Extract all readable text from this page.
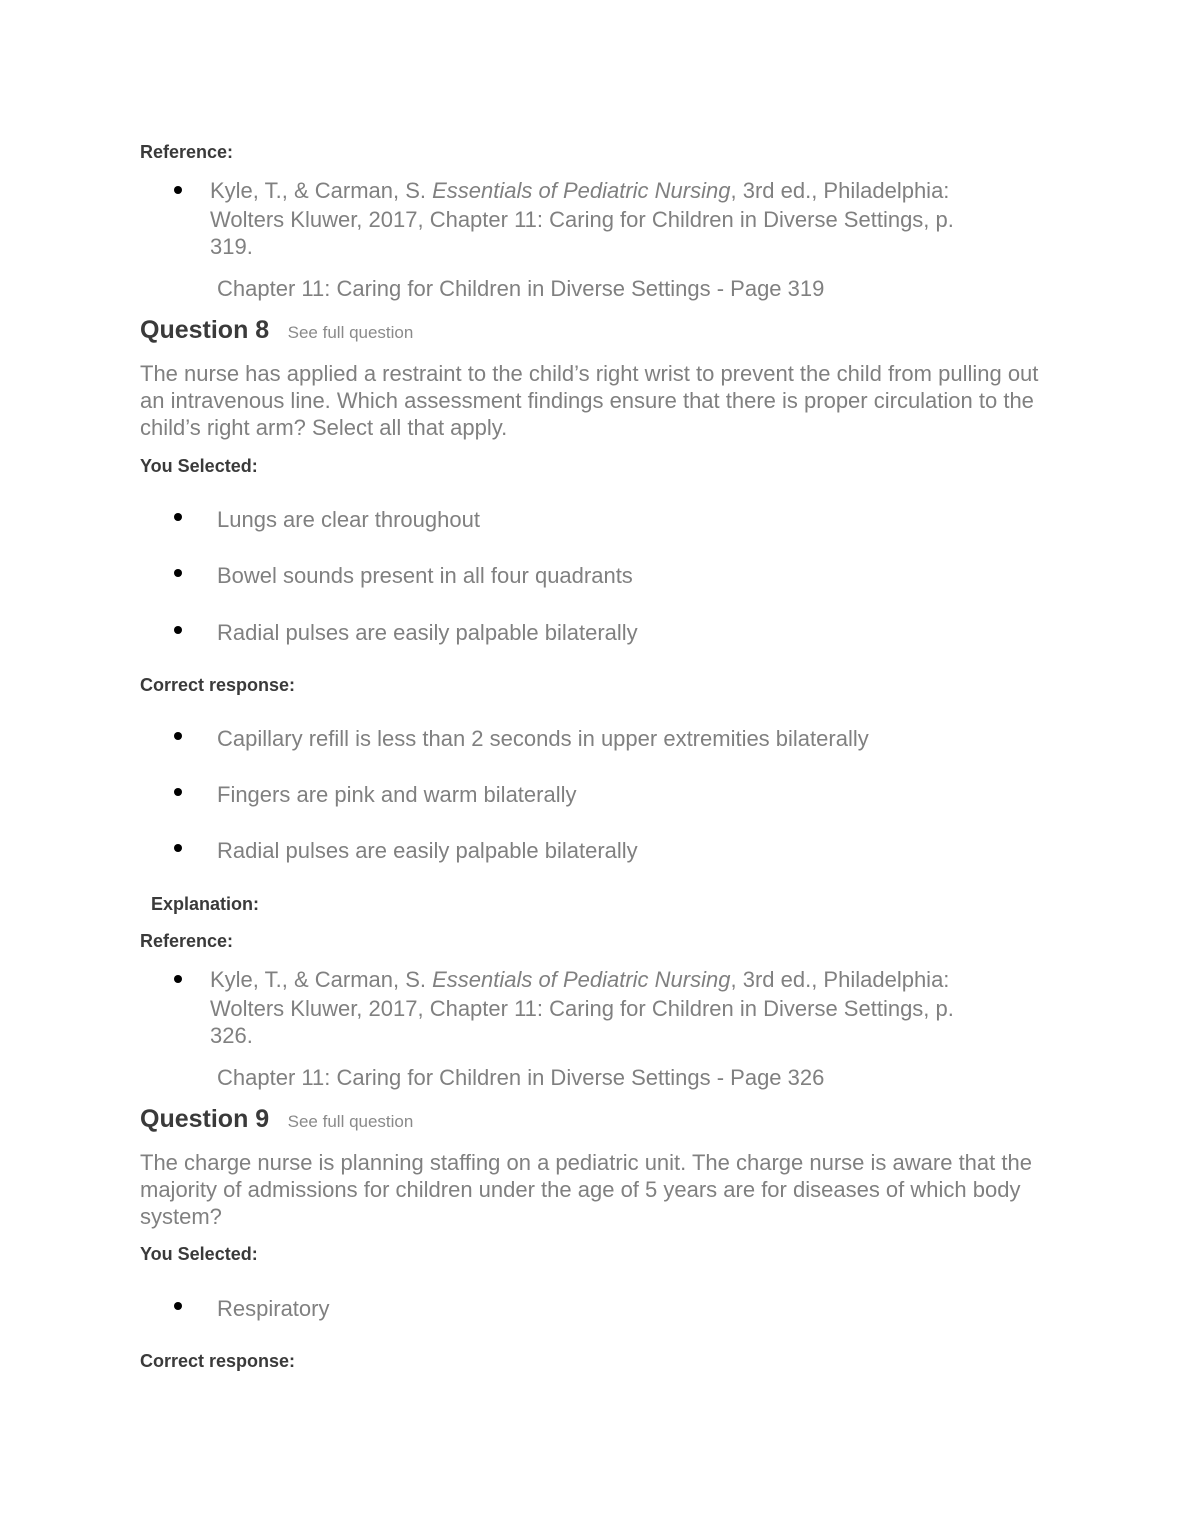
Reference:
Kyle, T., & Carman, S. Essentials of Pediatric Nursing, 3rd ed., Philadelphia:
Wolters Kluwer, 2017, Chapter 11: Caring for Children in Diverse Settings, p.
319.
Chapter 11: Caring for Children in Diverse Settings - Page 319
Question 8 See full question
The nurse has applied a restraint to the child’s right wrist to prevent the child from pulling out an intravenous line. Which assessment findings ensure that there is proper circulation to the child’s right arm? Select all that apply.
You Selected:
Lungs are clear throughout
Bowel sounds present in all four quadrants
Radial pulses are easily palpable bilaterally
Correct response:
Capillary refill is less than 2 seconds in upper extremities bilaterally
Fingers are pink and warm bilaterally
Radial pulses are easily palpable bilaterally
Explanation:
Reference:
Kyle, T., & Carman, S. Essentials of Pediatric Nursing, 3rd ed., Philadelphia:
Wolters Kluwer, 2017, Chapter 11: Caring for Children in Diverse Settings, p.
326.
Chapter 11: Caring for Children in Diverse Settings - Page 326
Question 9 See full question
The charge nurse is planning staffing on a pediatric unit. The charge nurse is aware that the majority of admissions for children under the age of 5 years are for diseases of which body system?
You Selected:
Respiratory
Correct response:
